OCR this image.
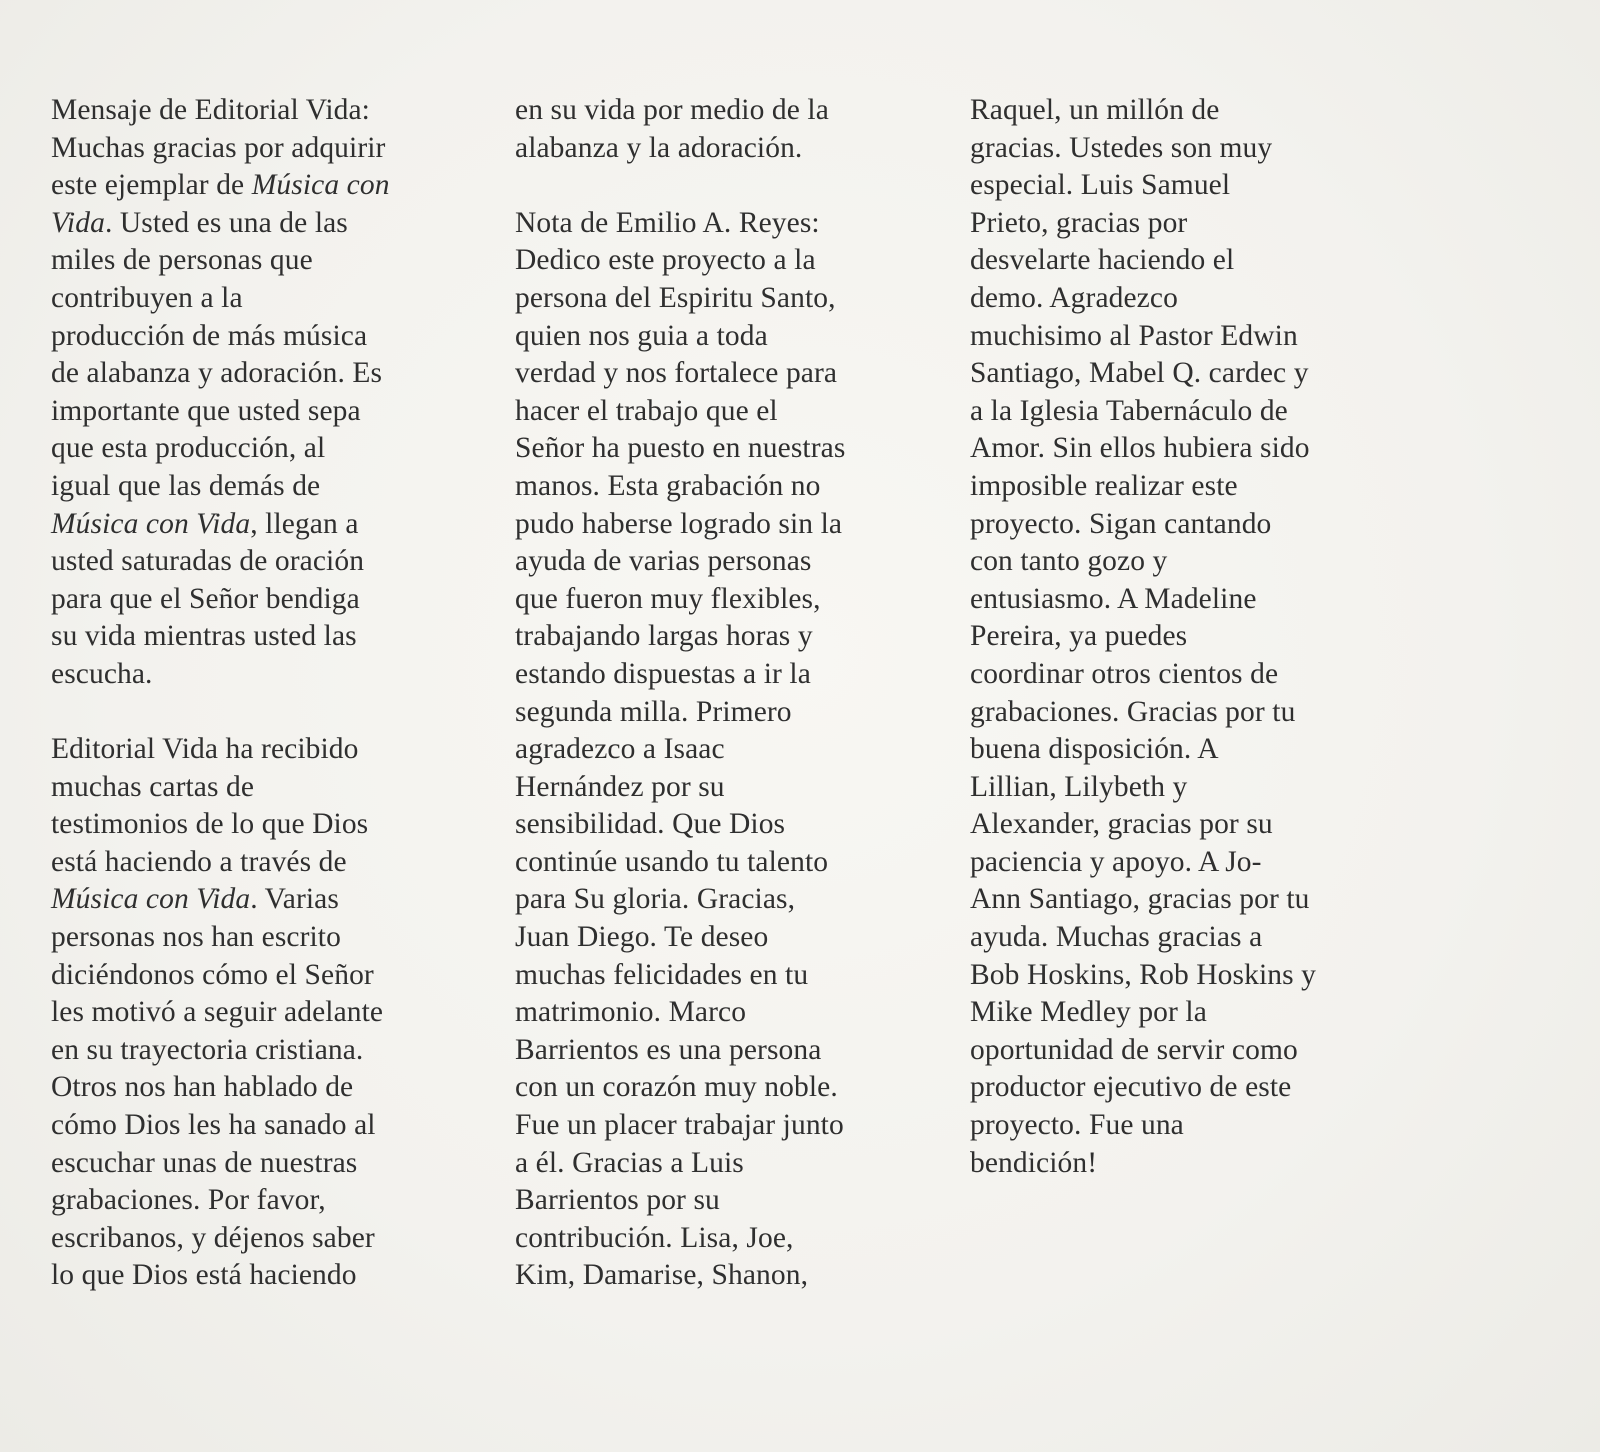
Mensaje de Editorial Vida:
Muchas gracias por adquirir
este ejemplar de Música con
Vida. Usted es una de las
miles de personas que
contribuyen a la
producción de más música
de alabanza y adoración. Es
importante que usted sepa
que esta producción, al
igual que las demás de
Música con Vida, llegan a
usted saturadas de oración
para que el Señor bendiga
su vida mientras usted las
escucha.
Editorial Vida ha recibido
muchas cartas de
testimonios de lo que Dios
está haciendo a través de
Música con Vida. Varias
personas nos han escrito
diciéndonos cómo el Señor
les motivó a seguir adelante
en su trayectoria cristiana.
Otros nos han hablado de
cómo Dios les ha sanado al
escuchar unas de nuestras
grabaciones. Por favor,
escribanos, y déjenos saber
lo que Dios está haciendo
en su vida por medio de la
alabanza y la adoración.
Nota de Emilio A. Reyes:
Dedico este proyecto a la
persona del Espiritu Santo,
quien nos guia a toda
verdad y nos fortalece para
hacer el trabajo que el
Señor ha puesto en nuestras
manos. Esta grabación no
pudo haberse logrado sin la
ayuda de varias personas
que fueron muy flexibles,
trabajando largas horas y
estando dispuestas a ir la
segunda milla. Primero
agradezco a Isaac
Hernández por su
sensibilidad. Que Dios
continúe usando tu talento
para Su gloria. Gracias,
Juan Diego. Te deseo
muchas felicidades en tu
matrimonio. Marco
Barrientos es una persona
con un corazón muy noble.
Fue un placer trabajar junto
a él. Gracias a Luis
Barrientos por su
contribución. Lisa, Joe,
Kim, Damarise, Shanon,
Raquel, un millón de
gracias. Ustedes son muy
especial. Luis Samuel
Prieto, gracias por
desvelarte haciendo el
demo. Agradezco
muchisimo al Pastor Edwin
Santiago, Mabel Q. cardec y
a la Iglesia Tabernáculo de
Amor. Sin ellos hubiera sido
imposible realizar este
proyecto. Sigan cantando
con tanto gozo y
entusiasmo. A Madeline
Pereira, ya puedes
coordinar otros cientos de
grabaciones. Gracias por tu
buena disposición. A
Lillian, Lilybeth y
Alexander, gracias por su
paciencia y apoyo. A Jo-
Ann Santiago, gracias por tu
ayuda. Muchas gracias a
Bob Hoskins, Rob Hoskins y
Mike Medley por la
oportunidad de servir como
productor ejecutivo de este
proyecto. Fue una
bendición!
